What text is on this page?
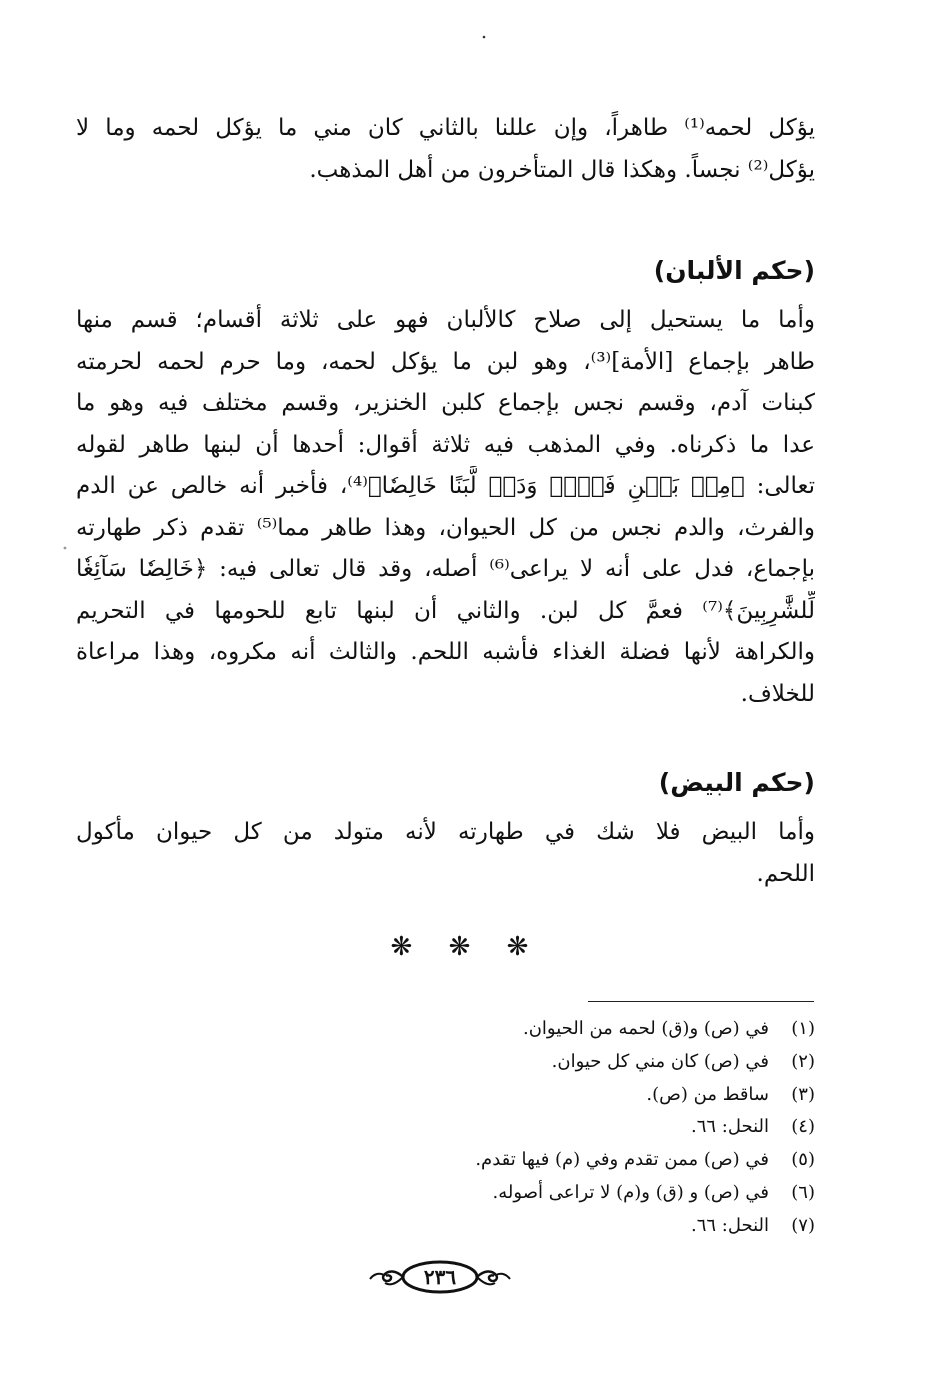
يؤكل لحمه⁽¹⁾ طاهراً، وإن عللنا بالثاني كان مني ما يؤكل لحمه وما لا
يؤكل⁽²⁾ نجساً. وهكذا قال المتأخرون من أهل المذهب.
(حكم الألبان)
وأما ما يستحيل إلى صلاح كالألبان فهو على ثلاثة أقسام؛ قسم منها
طاهر بإجماع [الأمة]⁽³⁾، وهو لبن ما يؤكل لحمه، وما حرم لحمه لحرمته
كبنات آدم، وقسم نجس بإجماع كلبن الخنزير، وقسم مختلف فيه وهو ما
عدا ما ذكرناه. وفي المذهب فيه ثلاثة أقوال: أحدها أن لبنها طاهر لقوله
تعالى: ﴿مِنۢ بَيۡنِ فَرۡثٖ وَدَمٖ لَّبَنًا خَالِصٗا﴾⁽⁴⁾، فأخبر أنه خالص عن الدم
والفرث، والدم نجس من كل الحيوان، وهذا طاهر مما⁽⁵⁾ تقدم ذكر طهارته
بإجماع، فدل على أنه لا يراعى⁽⁶⁾ أصله، وقد قال تعالى فيه: ﴿خَالِصٗا سَآئِغٗا
لِّلشَّٰرِبِينَ﴾⁽⁷⁾ فعمَّ كل لبن. والثاني أن لبنها تابع للحومها في التحريم
والكراهة لأنها فضلة الغذاء فأشبه اللحم. والثالث أنه مكروه، وهذا مراعاة
للخلاف.
(حكم البيض)
وأما البيض فلا شك في طهارته لأنه متولد من كل حيوان مأكول
اللحم.
❋ ❋ ❋
(١)في (ص) و(ق) لحمه من الحيوان.
(٢)في (ص) كان مني كل حيوان.
(٣)ساقط من (ص).
(٤)النحل: ٦٦.
(٥)في (ص) ممن تقدم وفي (م) فيها تقدم.
(٦)في (ص) و (ق) و(م) لا تراعى أصوله.
(٧)النحل: ٦٦.
٢٣٦
